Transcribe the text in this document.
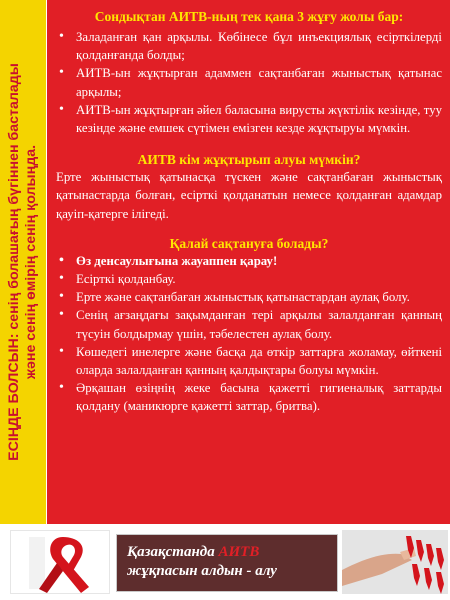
ЕСІҢДЕ БОЛСЫН: сенің болашағың бүгіннен басталады және сенің өмірің сенің қолыңда.
Сондықтан АИТВ-ның тек қана 3 жұғу жолы бар:
• Заладанған қан арқылы. Көбінесе бұл инъекциялық есірткілерді қолданғанда болды;
• АИТВ-ын жұқтырған адаммен сақтанбаған жыныстық қатынас арқылы;
• АИТВ-ын жұқтырған әйел баласына вирусты жүктілік кезінде, туу кезінде және емшек сүтімен емізген кезде жұқтыруы мүмкін.
АИТВ кім жұқтырып алуы мүмкін?
Ерте жыныстық қатынасқа түскен және сақтанбаған жыныстық қатынастарда болған, есірткі қолданатын немесе қолданған адамдар қауіп-қатерге ілігеді.
Қалай сақтануға болады?
• Өз денсаулығына жауаппен қарау!
• Есірткі қолданбау.
• Ерте және сақтанбаған жыныстық қатынастардан аулақ болу.
• Сенің ағзаңдағы зақымданған тері арқылы залалданған қанның түсуін болдырмау үшін, тәбелестен аулақ болу.
• Көшедегі инелерге және басқа да өткір заттарға жоламау, өйткені оларда залалданған қанның қалдықтары болуы мүмкін.
• Әрқашан өзіңнің жеке басына қажетті гигиеналық заттарды қолдану (маникюрге қажетті заттар, бритва).
Қазақстанда АИТВ
жұқпасын алдын - алу
